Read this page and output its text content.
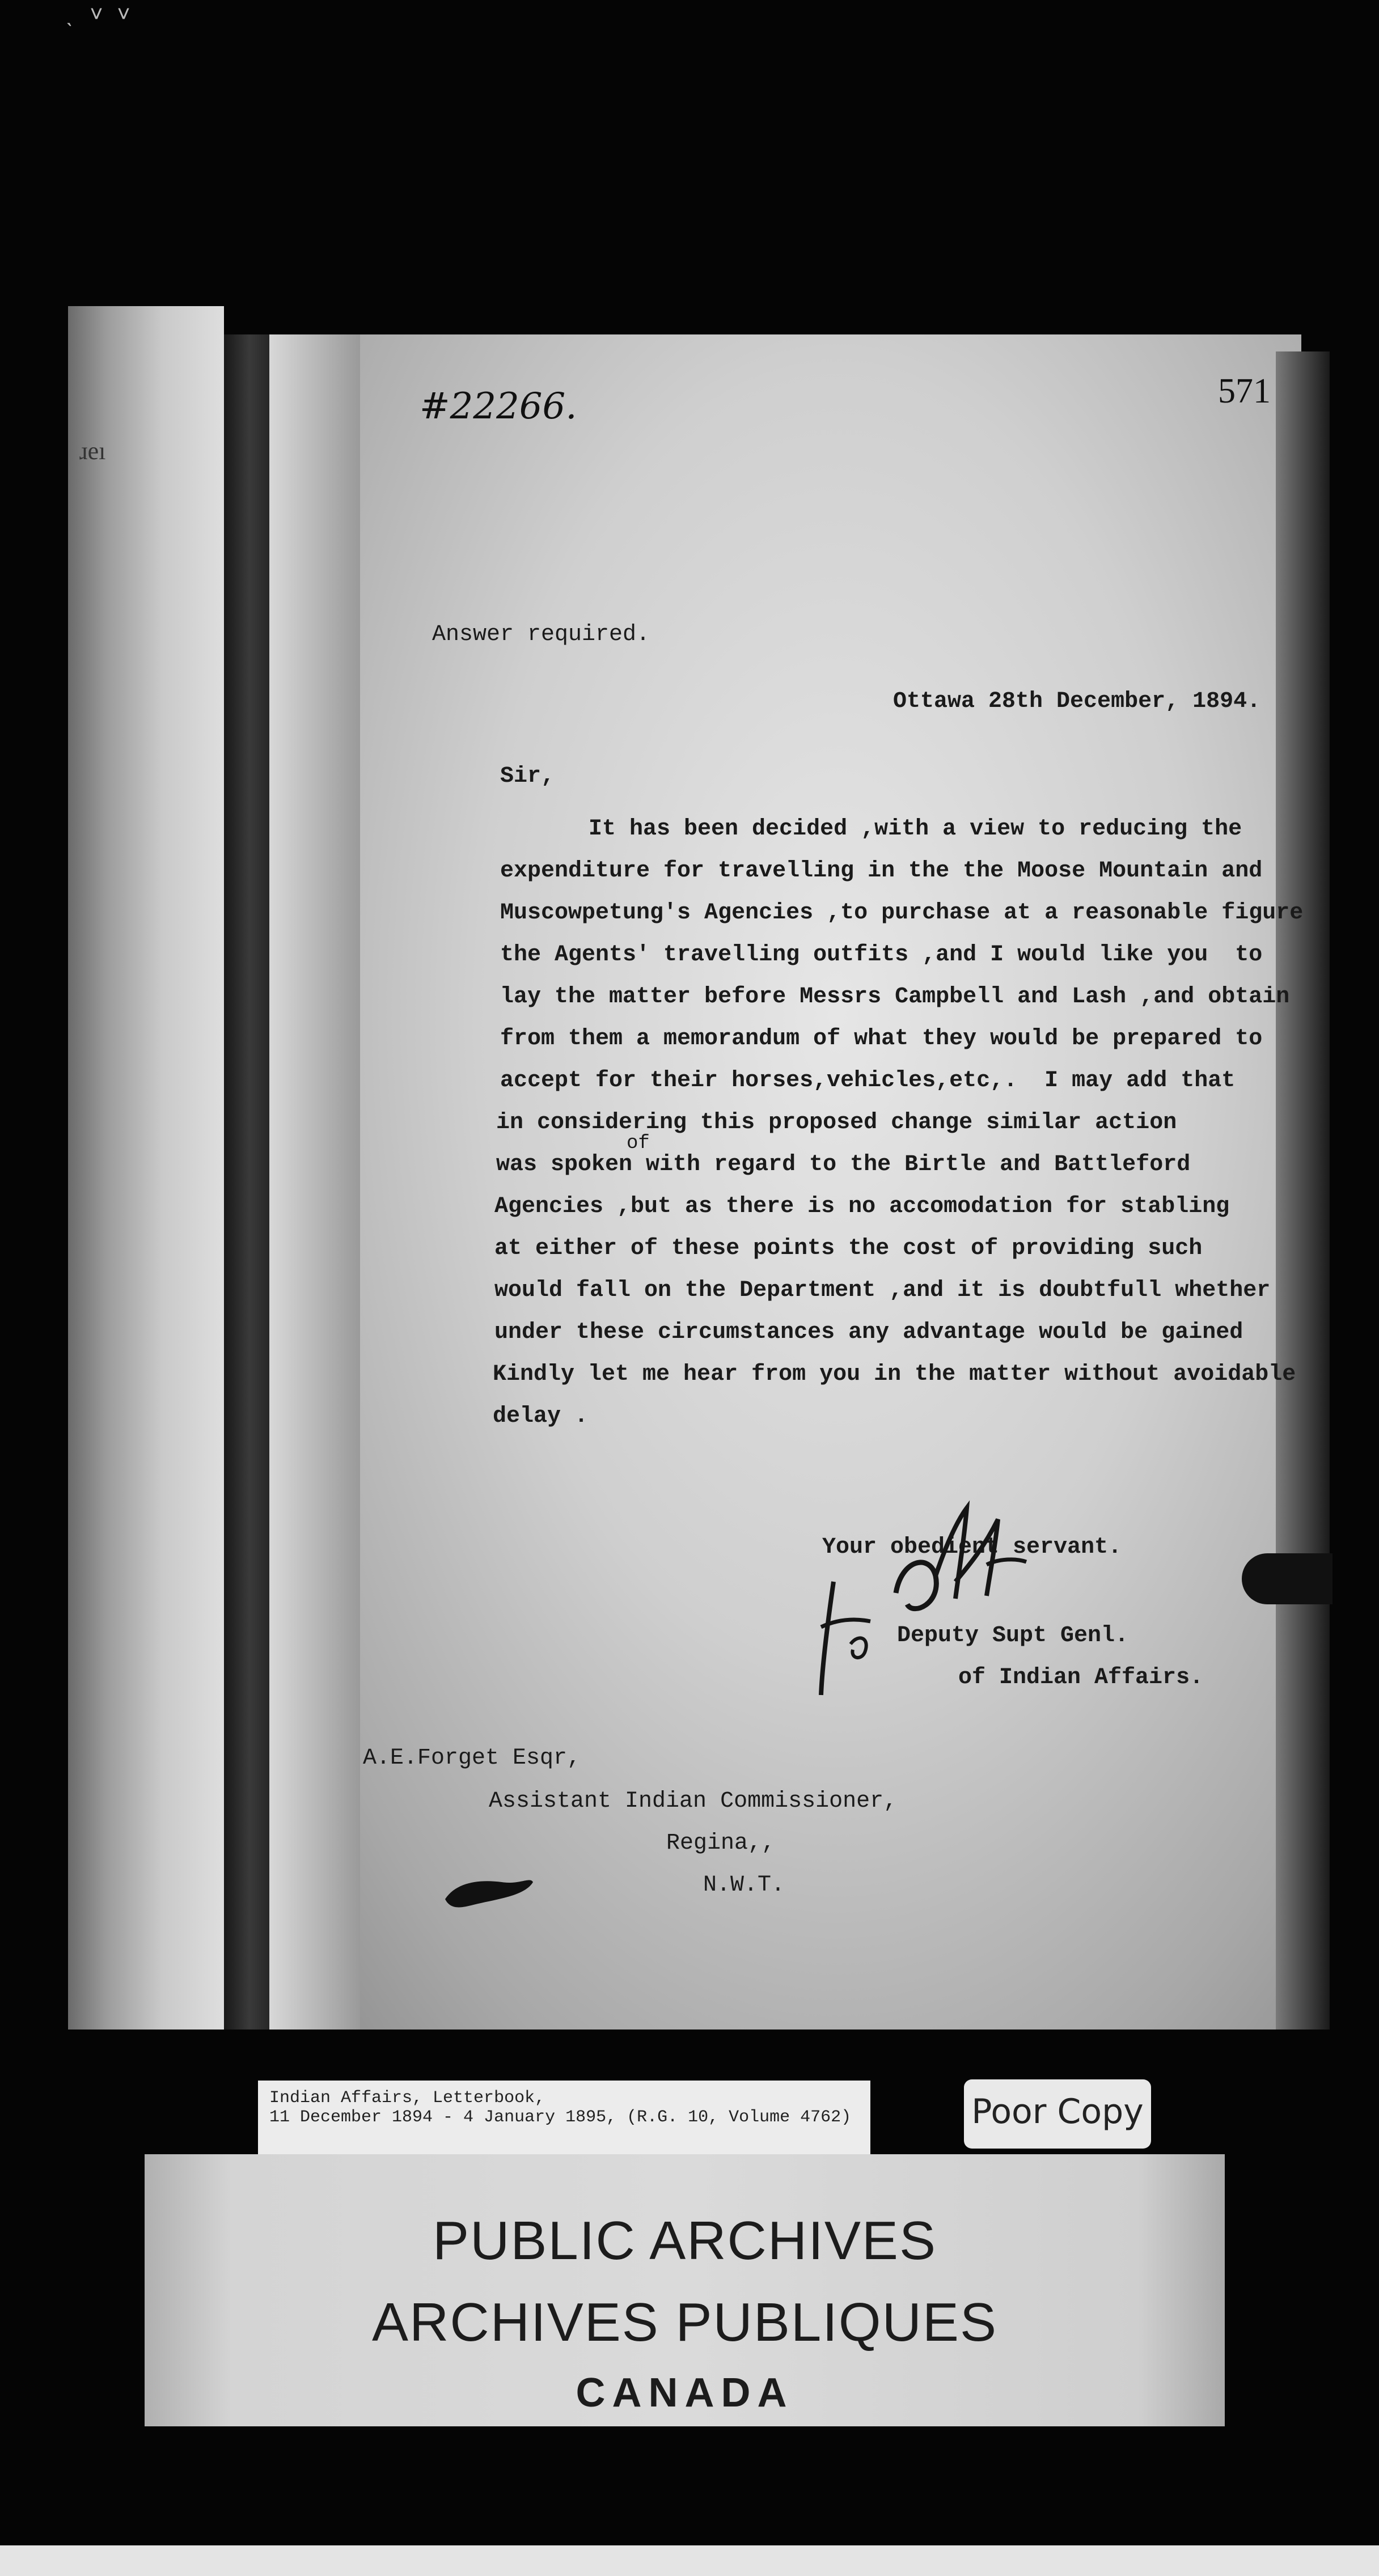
ˎ ˅ ˅
ɹeı
#22266.	571
Answer required.
Ottawa 28th December, 1894.
Sir,
It has been decided ,with a view to reducing the
expenditure for travelling in the the Moose Mountain and
Muscowpetung's Agencies ,to purchase at a reasonable figure
the Agents' travelling outfits ,and I would like you  to
lay the matter before Messrs Campbell and Lash ,and obtain
from them a memorandum of what they would be prepared to
accept for their horses,vehicles,etc,.  I may add that
in considering this proposed change similar action
of
was spoken with regard to the Birtle and Battleford
Agencies ,but as there is no accomodation for stabling
at either of these points the cost of providing such
would fall on the Department ,and it is doubtfull whether
under these circumstances any advantage would be gained
Kindly let me hear from you in the matter without avoidable
delay .
Your obedient servant.
Deputy Supt Genl.
of Indian Affairs.
A.E.Forget Esqr,
Assistant Indian Commissioner,
Regina,,
N.W.T.
Indian Affairs, Letterbook,
11 December 1894 - 4 January 1895, (R.G. 10, Volume 4762)	Poor Copy
PUBLIC ARCHIVES
ARCHIVES PUBLIQUES
CANADA
